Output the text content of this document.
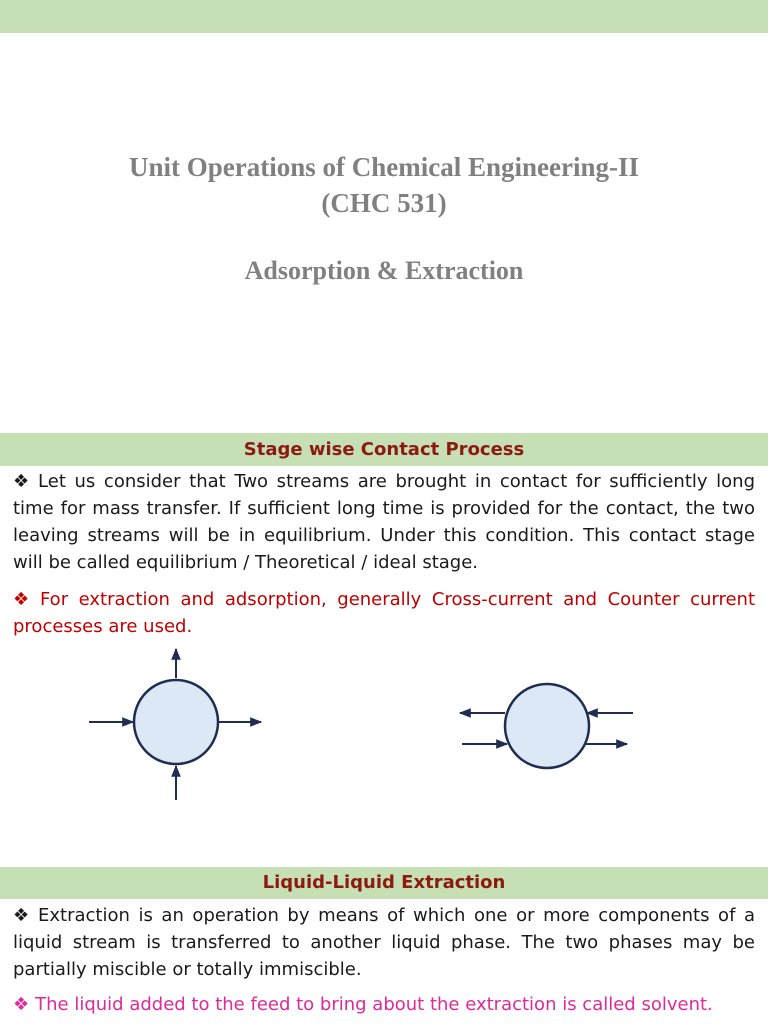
Unit Operations of Chemical Engineering-II
(CHC 531)
Adsorption & Extraction
Stage wise Contact Process

❖ Let us consider that Two streams are brought in contact for sufficiently long time for mass transfer. If sufficient long time is provided for the contact, the two leaving streams will be in equilibrium. Under this condition. This contact stage will be called equilibrium / Theoretical / ideal stage.

❖ For extraction and adsorption, generally Cross-current and Counter current processes are used.

Liquid-Liquid Extraction

❖ Extraction is an operation by means of which one or more components of a liquid stream is transferred to another liquid phase. The two phases may be partially miscible or totally immiscible.

❖ The liquid added to the feed to bring about the extraction is called solvent.
